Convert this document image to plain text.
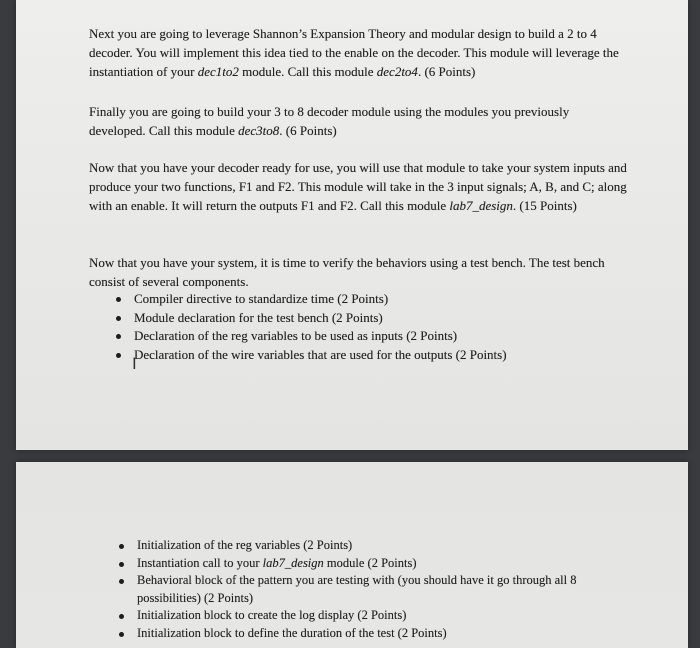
Next you are going to leverage Shannon’s Expansion Theory and modular design to build a 2 to 4 decoder. You will implement this idea tied to the enable on the decoder. This module will leverage the instantiation of your dec1to2 module. Call this module dec2to4. (6 Points)

Finally you are going to build your 3 to 8 decoder module using the modules you previously developed. Call this module dec3to8. (6 Points)

Now that you have your decoder ready for use, you will use that module to take your system inputs and produce your two functions, F1 and F2. This module will take in the 3 input signals; A, B, and C; along with an enable. It will return the outputs F1 and F2. Call this module lab7_design. (15 Points)

Now that you have your system, it is time to verify the behaviors using a test bench. The test bench consist of several components.

Compiler directive to standardize time (2 Points)
Module declaration for the test bench (2 Points)
Declaration of the reg variables to be used as inputs (2 Points)
Declaration of the wire variables that are used for the outputs (2 Points)
I
Initialization of the reg variables (2 Points)
Instantiation call to your lab7_design module (2 Points)
Behavioral block of the pattern you are testing with (you should have it go through all 8 possibilities) (2 Points)
Initialization block to create the log display (2 Points)
Initialization block to define the duration of the test (2 Points)
